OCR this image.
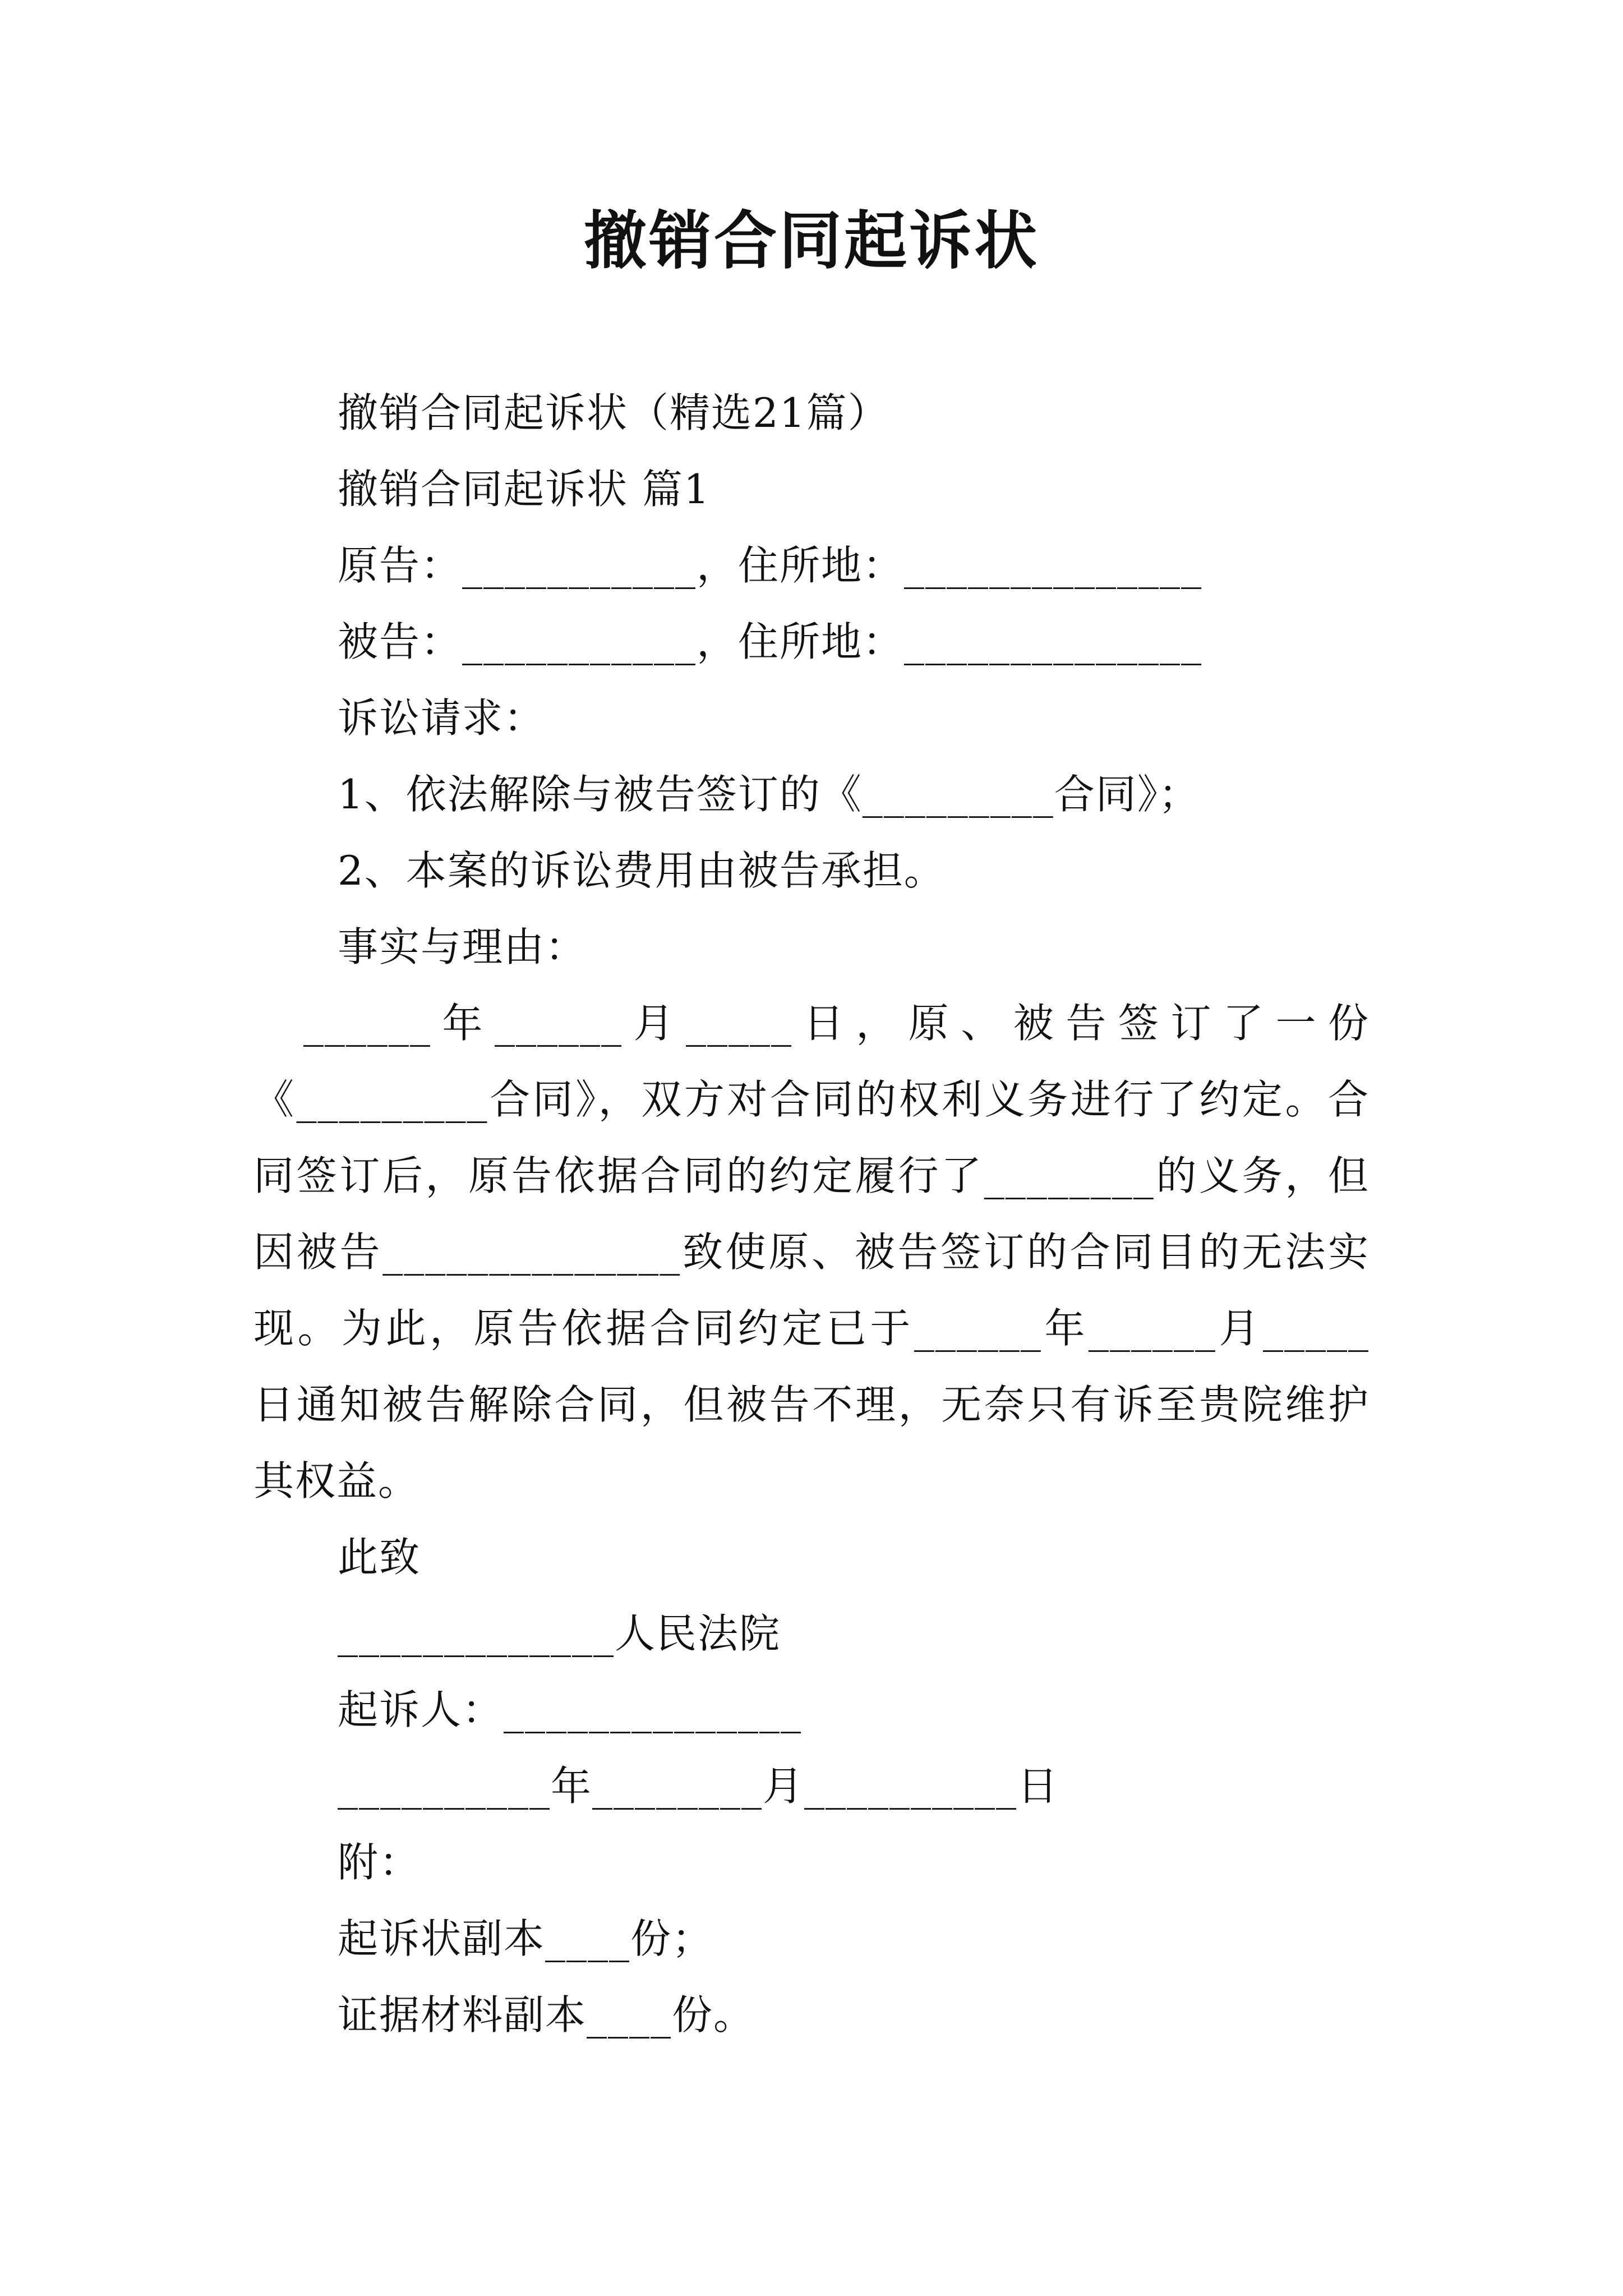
撤销合同起诉状
撤销合同起诉状（精选21篇）
撤销合同起诉状 篇1
原告：___________，住所地：______________
被告：___________，住所地：______________
诉讼请求：
1、依法解除与被告签订的《_________合同》；
2、本案的诉讼费用由被告承担。
事实与理由：
______年______月_____日，原、被告签订了一份
《_________合同》，双方对合同的权利义务进行了约定。合
同签订后，原告依据合同的约定履行了________的义务，但
因被告______________致使原、被告签订的合同目的无法实
现。为此，原告依据合同约定已于______年______月_____
日通知被告解除合同，但被告不理，无奈只有诉至贵院维护
其权益。
此致
_____________人民法院
起诉人：______________
__________年________月__________日
附：
起诉状副本____份；
证据材料副本____份。
